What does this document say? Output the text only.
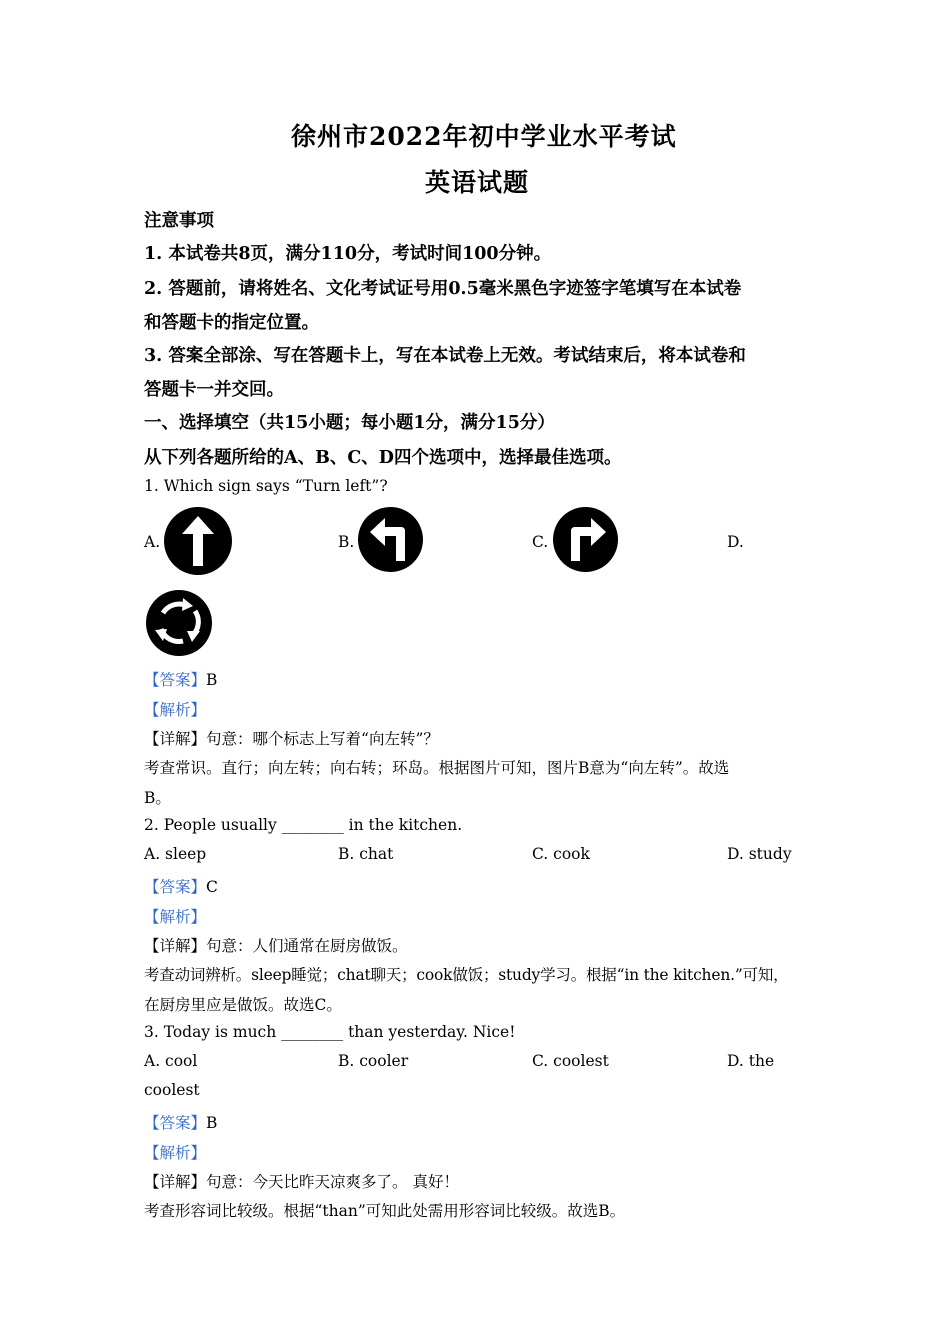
徐州市2022年初中学业水平考试
英语试题
注意事项
1. 本试卷共8页，满分110分，考试时间100分钟。
2. 答题前，请将姓名、文化考试证号用0.5毫米黑色字迹签字笔填写在本试卷
和答题卡的指定位置。
3. 答案全部涂、写在答题卡上，写在本试卷上无效。考试结束后，将本试卷和
答题卡一并交回。
一、选择填空（共15小题；每小题1分，满分15分）
从下列各题所给的A、B、C、D四个选项中，选择最佳选项。
1. Which sign says “Turn left”?
A.	B.	C.	D.
【答案】B
【解析】
【详解】句意：哪个标志上写着“向左转”？
考查常识。直行；向左转；向右转；环岛。根据图片可知，图片B意为“向左转”。故选
B。
2. People usually ________ in the kitchen.
A. sleep	B. chat	C. cook	D. study
【答案】C
【解析】
【详解】句意：人们通常在厨房做饭。
考查动词辨析。sleep睡觉；chat聊天；cook做饭；study学习。根据“in the kitchen.”可知，
在厨房里应是做饭。故选C。
3. Today is much ________ than yesterday. Nice!
A. cool	B. cooler	C. coolest	D. the
coolest
【答案】B
【解析】
【详解】句意：今天比昨天凉爽多了。 真好！
考查形容词比较级。根据“than”可知此处需用形容词比较级。故选B。
